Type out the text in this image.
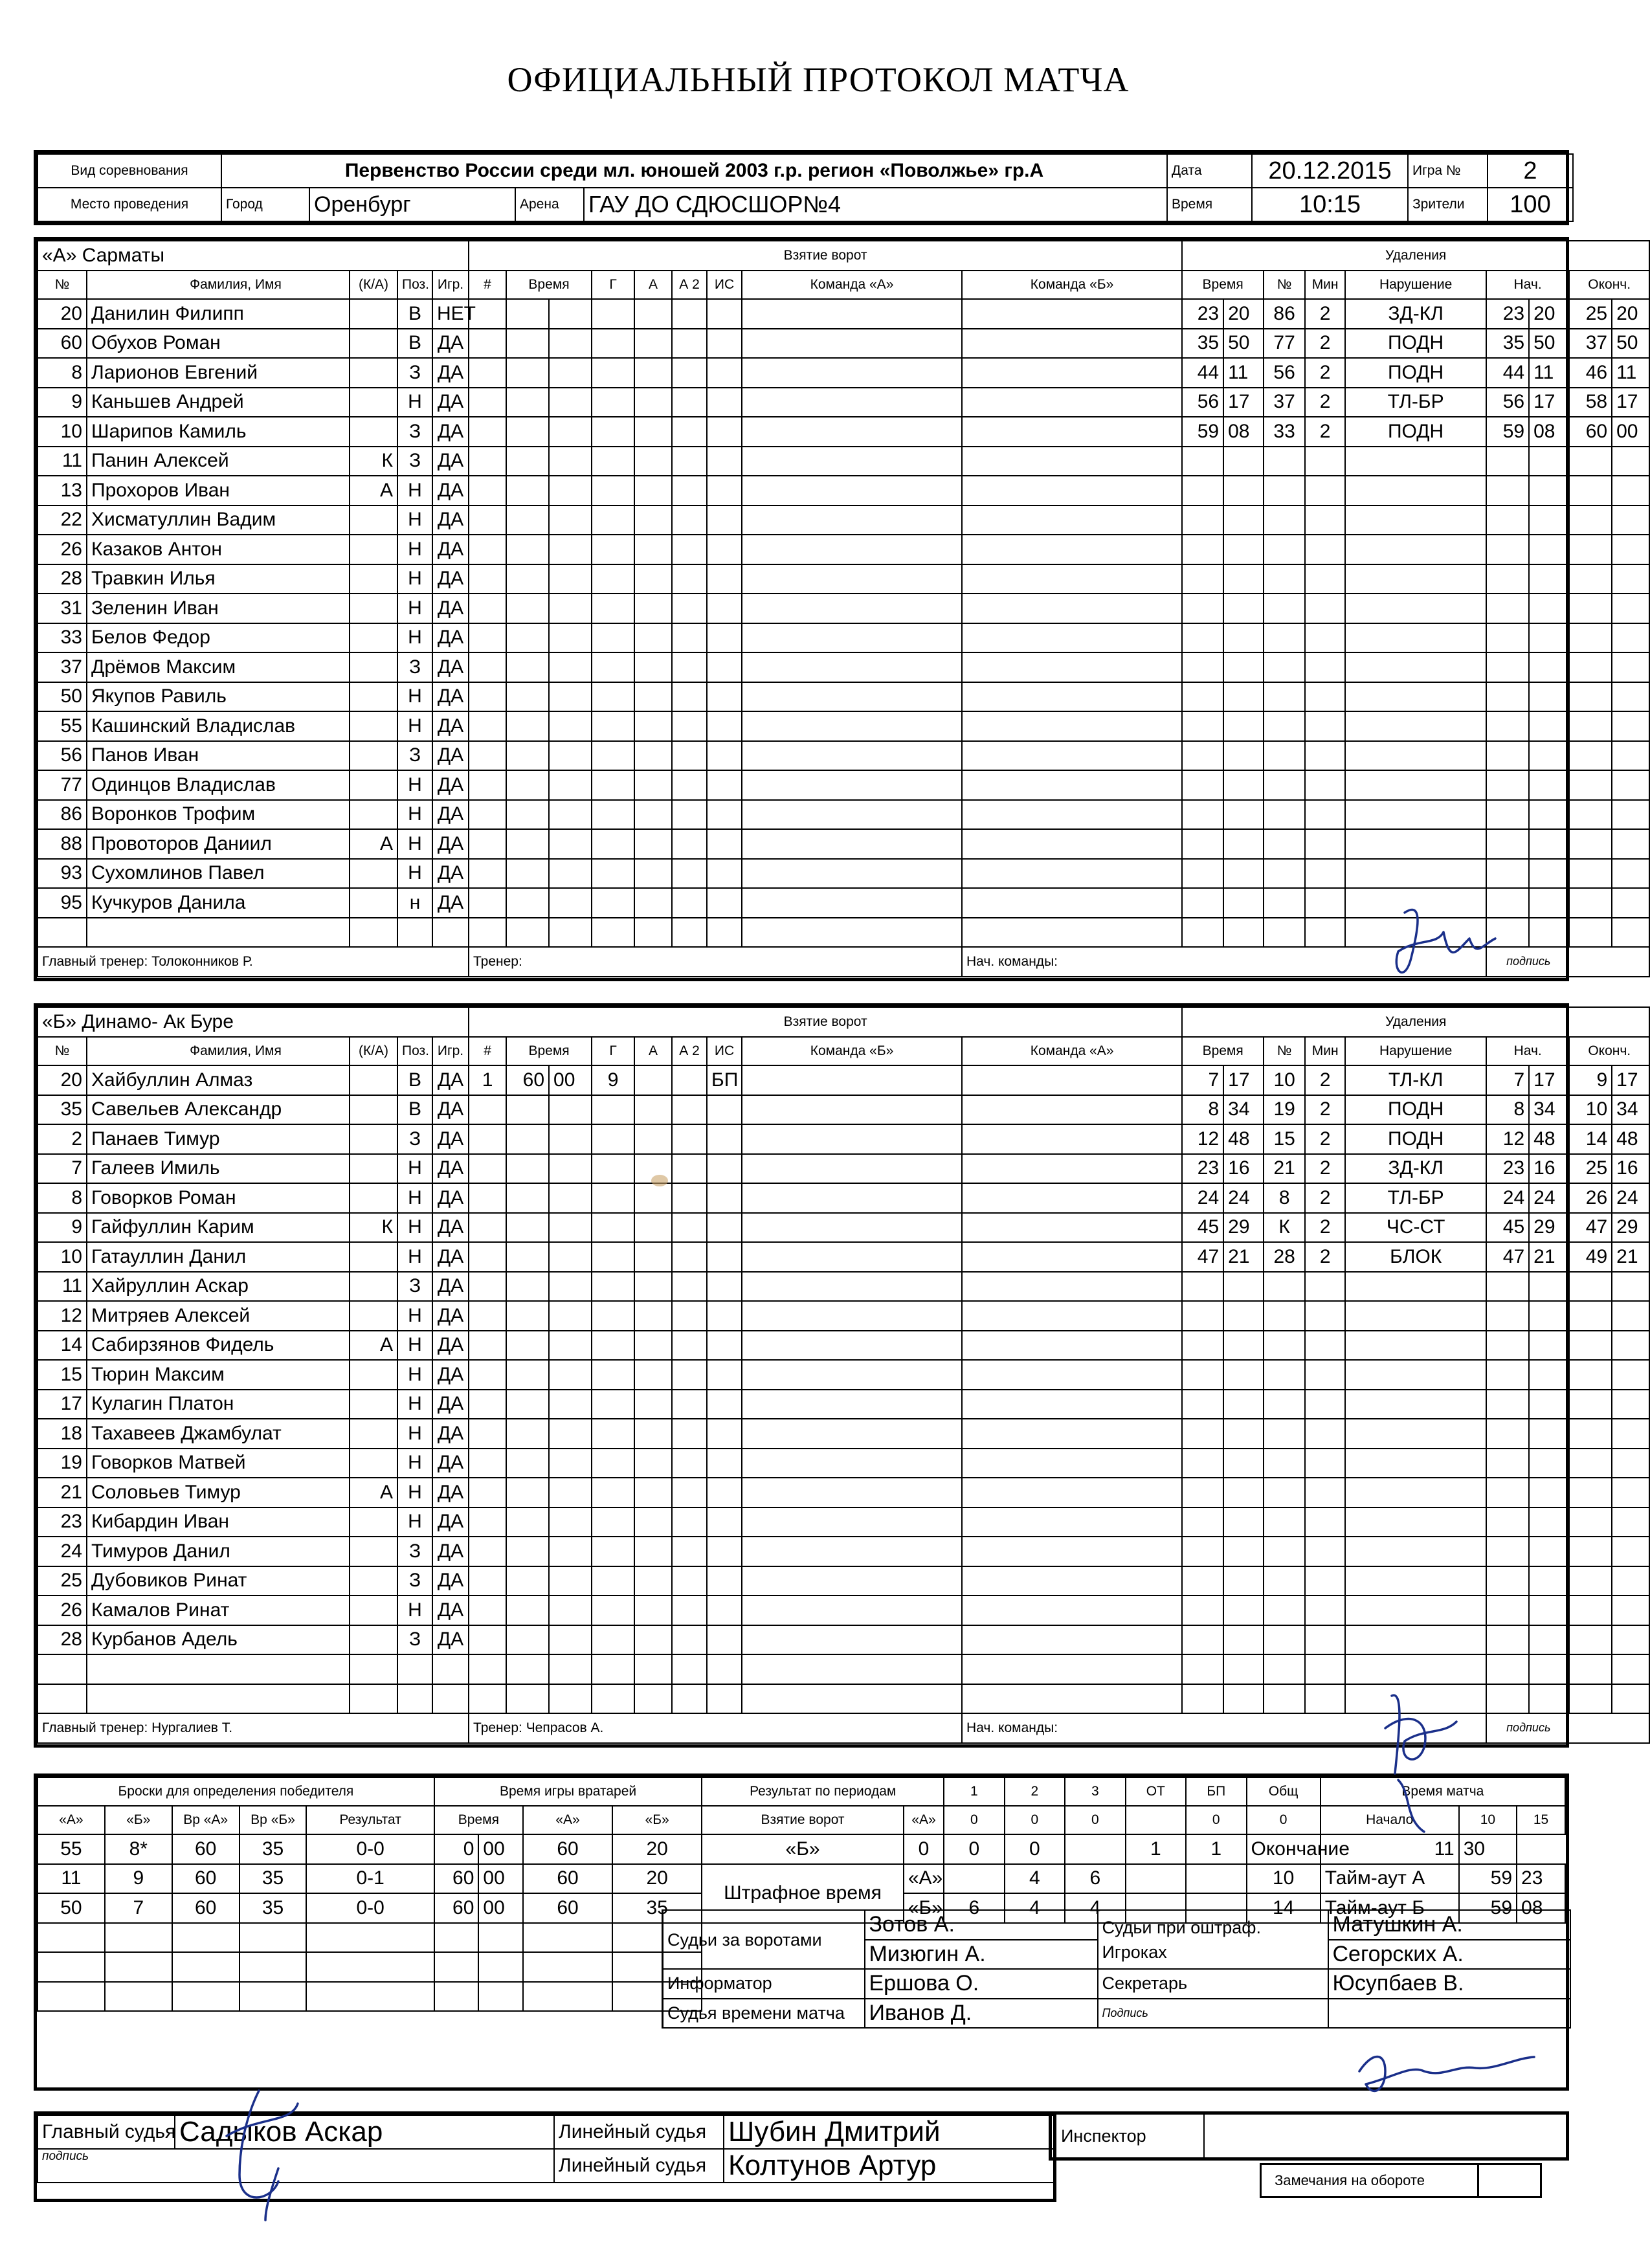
ОФИЦИАЛЬНЫЙ ПРОТОКОЛ МАТЧА
Вид соревнования	Первенство России среди мл. юношей 2003 г.р. регион «Поволжье» гр.А				Дата	20.12.2015	Игра №	2
Место проведения	Город	Оренбург	Арена	ГАУ ДО СДЮСШОР№4	Время	10:15	Зрители	100
«А» Сарматы					Взятие ворот									Удаления								
№	Фамилия, Имя	(К/А)	Поз.	Игр.	#	Время		Г	А	А 2	ИС	Команда «А»	Команда «Б»	Время		№	Мин	Нарушение	Нач.		Оконч.	
20	Данилин Филипп		В	НЕТ										23	20	86	2	ЗД-КЛ	23	20	25	20
60	Обухов Роман		В	ДА										35	50	77	2	ПОДН	35	50	37	50
8	Ларионов Евгений		З	ДА										44	11	56	2	ПОДН	44	11	46	11
9	Каньшев Андрей		Н	ДА										56	17	37	2	ТЛ-БР	56	17	58	17
10	Шарипов Камиль		З	ДА										59	08	33	2	ПОДН	59	08	60	00
11	Панин Алексей	К	З	ДА																		
13	Прохоров Иван	А	Н	ДА																		
22	Хисматуллин Вадим		Н	ДА																		
26	Казаков Антон		Н	ДА																		
28	Травкин Илья		Н	ДА																		
31	Зеленин Иван		Н	ДА																		
33	Белов Федор		Н	ДА																		
37	Дрёмов Максим		З	ДА																		
50	Якупов Равиль		Н	ДА																		
55	Кашинский Владислав		Н	ДА																		
56	Панов Иван		З	ДА																		
77	Одинцов Владислав		Н	ДА																		
86	Воронков Трофим		Н	ДА																		
88	Провоторов Даниил	А	Н	ДА																		
93	Сухомлинов Павел		Н	ДА																		
95	Кучкуров Данила		н	ДА																		

Главный тренер: Толоконников Р.					Тренер:								Нач. команды:						подпись			
«Б» Динамо- Ак Буре					Взятие ворот									Удаления								
№	Фамилия, Имя	(К/А)	Поз.	Игр.	#	Время		Г	А	А 2	ИС	Команда «Б»	Команда «А»	Время		№	Мин	Нарушение	Нач.		Оконч.	
20	Хайбуллин Алмаз		В	ДА	1	60	00	9			БП			7	17	10	2	ТЛ-КЛ	7	17	9	17
35	Савельев Александр		В	ДА										8	34	19	2	ПОДН	8	34	10	34
2	Панаев Тимур		З	ДА										12	48	15	2	ПОДН	12	48	14	48
7	Галеев Имиль		Н	ДА										23	16	21	2	ЗД-КЛ	23	16	25	16
8	Говорков Роман		Н	ДА										24	24	8	2	ТЛ-БР	24	24	26	24
9	Гайфуллин Карим	К	Н	ДА										45	29	К	2	ЧС-СТ	45	29	47	29
10	Гатауллин Данил		Н	ДА										47	21	28	2	БЛОК	47	21	49	21
11	Хайруллин Аскар		З	ДА																		
12	Митряев Алексей		Н	ДА																		
14	Сабирзянов Фидель	А	Н	ДА																		
15	Тюрин Максим		Н	ДА																		
17	Кулагин Платон		Н	ДА																		
18	Тахавеев Джамбулат		Н	ДА																		
19	Говорков Матвей		Н	ДА																		
21	Соловьев Тимур	А	Н	ДА																		
23	Кибардин Иван		Н	ДА																		
24	Тимуров Данил		З	ДА																		
25	Дубовиков Ринат		З	ДА																		
26	Камалов Ринат		Н	ДА																		
28	Курбанов Адель		З	ДА																		

Главный тренер: Нургалиев Т.					Тренер: Чепрасов А.								Нач. команды:						подпись			
Броски для определения победителя					Время игры вратарей				Результат по периодам		1	2	3	OT	БП	Общ	Время матча		
«А»	«Б»	Вр «А»	Вр «Б»	Результат	Время		«А»	«Б»	Взятие ворот	«А»	0	0	0		0	0	Начало	10	15
55	8*	60	35	0-0	0	00	60	20	«Б»	0	0	0		1	1	Окончание	11	30	
11	9	60	35	0-1	60	00	60	20	Штрафное время	«А»		4	6			10	Тайм-аут А	59	23
50	7	60	35	0-0	60	00	60	35		«Б»	6	4	4			14	Тайм-аут Б	59	08

Судьи за воротами	Зотов А.	Судьи при оштраф. Игроках	Матушкин А.
	Мизюгин А.		Сегорских А.
Информатор	Ершова О.	Секретарь	Юсупбаев В.
Судья времени матча	Иванов Д.	Подпись	
Главный судья	Садыков Аскар	Линейный судья	Шубин Дмитрий
подпись		Линейный судья	Колтунов Артур
Инспектор
Замечания на обороте
